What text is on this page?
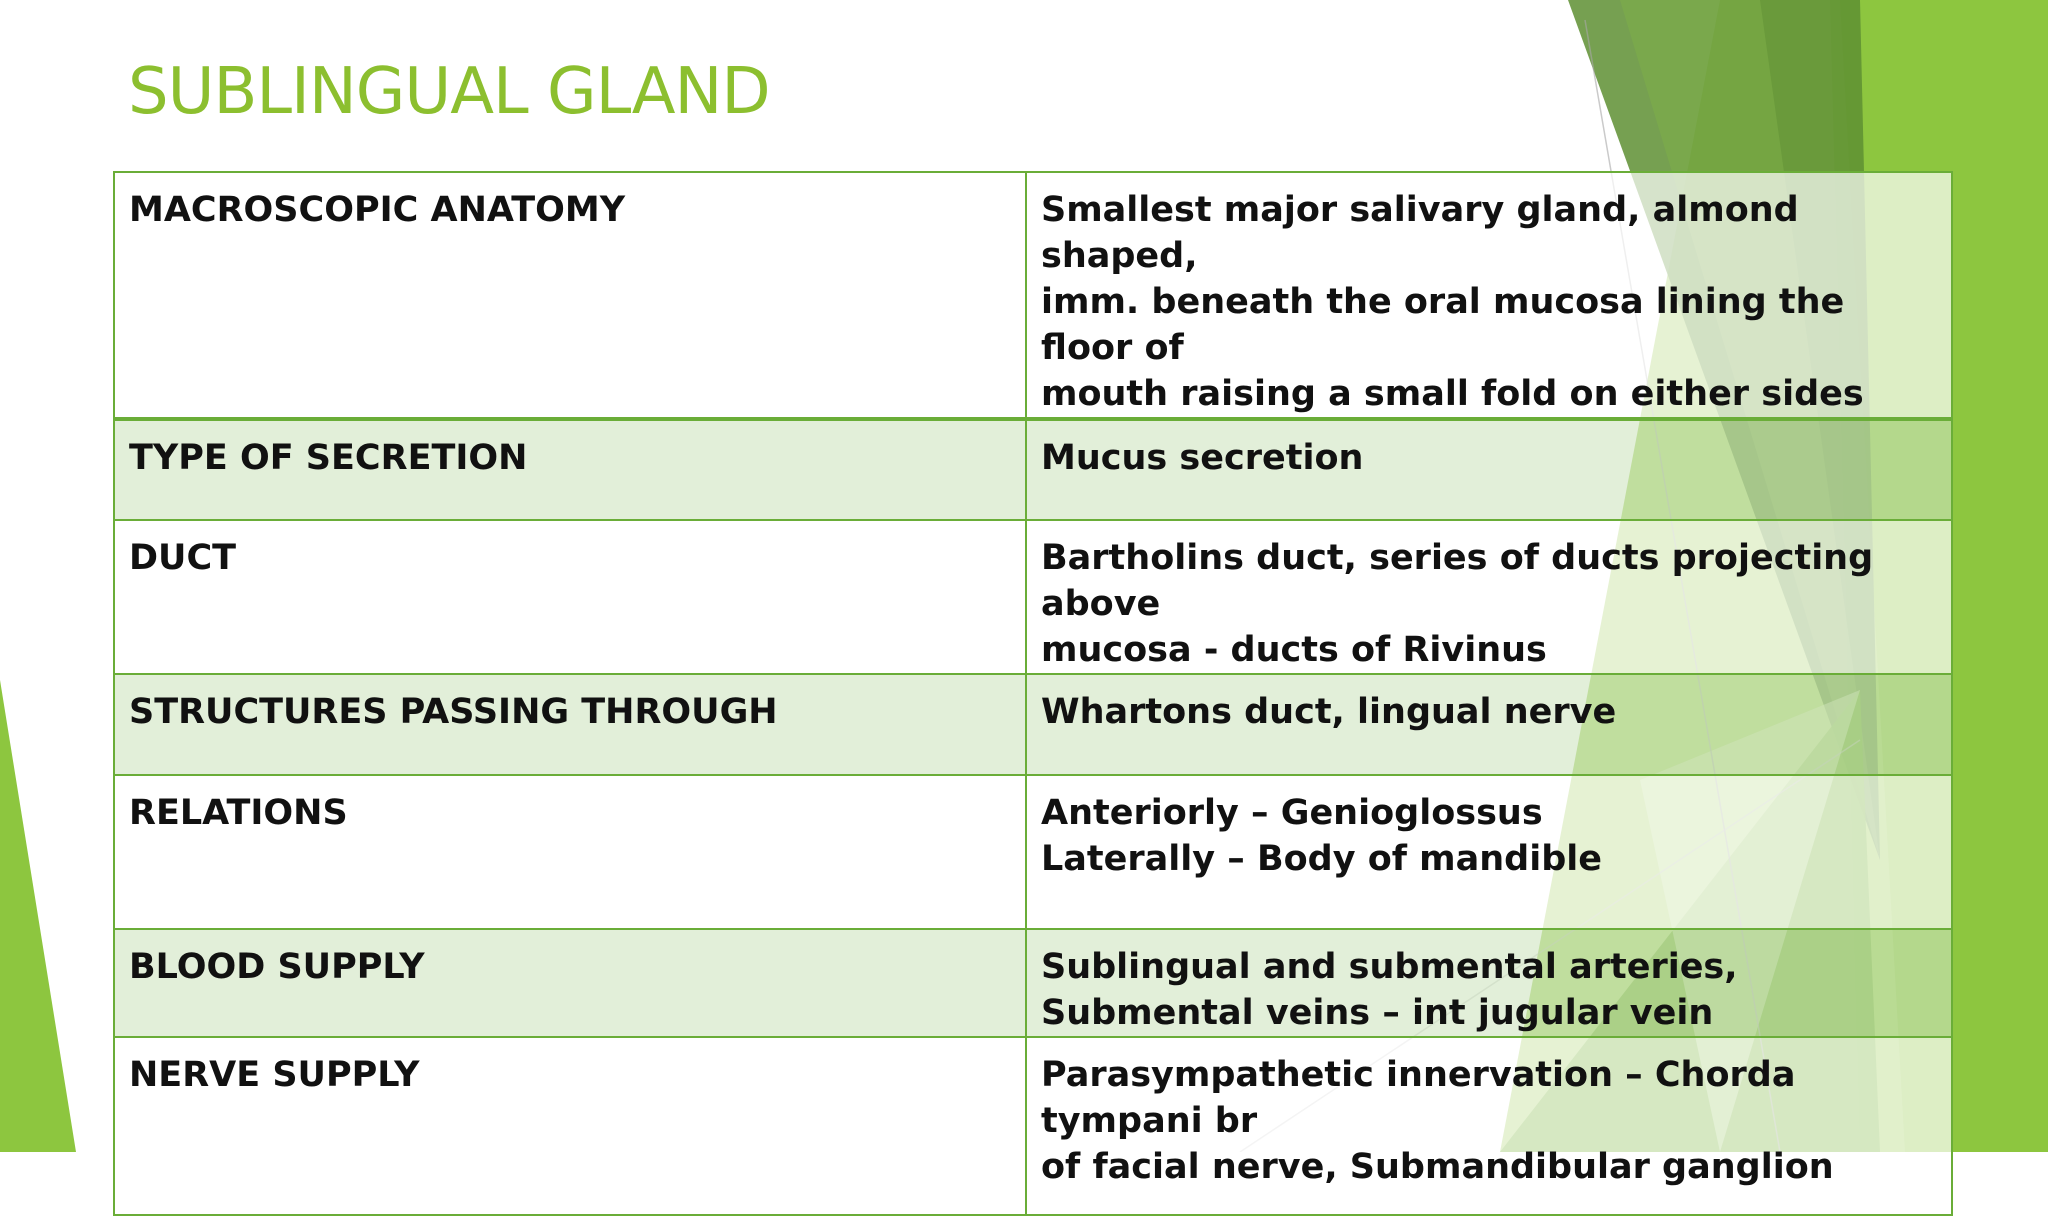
SUBLINGUAL GLAND
MACROSCOPIC ANATOMY	Smallest major salivary gland, almond shaped,
imm. beneath the oral mucosa lining the floor of
mouth raising a small fold on either sides

TYPE OF SECRETION	Mucus secretion

DUCT	Bartholins duct, series of ducts projecting above
mucosa - ducts of Rivinus

STRUCTURES PASSING THROUGH	Whartons duct, lingual nerve

RELATIONS	Anteriorly – Genioglossus
Laterally – Body of mandible

BLOOD SUPPLY	Sublingual and submental arteries,
Submental veins – int jugular vein

NERVE SUPPLY	Parasympathetic innervation – Chorda tympani br
of facial nerve, Submandibular ganglion
